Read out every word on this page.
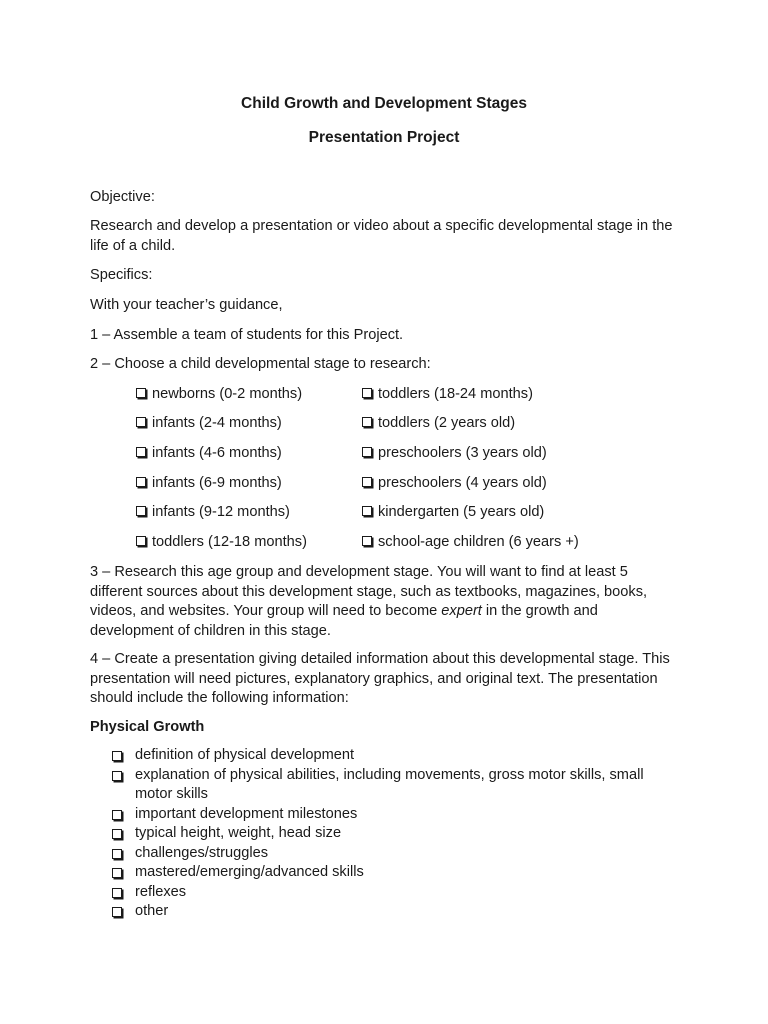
Child Growth and Development Stages
Presentation Project

Objective:

Research and develop a presentation or video about a specific developmental stage in the life of a child.

Specifics:

With your teacher’s guidance,

1 – Assemble a team of students for this Project.

2 – Choose a child developmental stage to research:

newborns (0-2 months)
infants (2-4 months)
infants (4-6 months)
infants (6-9 months)
infants (9-12 months)
toddlers (12-18 months)
toddlers (18-24 months)
toddlers (2 years old)
preschoolers (3 years old)
preschoolers (4 years old)
kindergarten (5 years old)
school-age children (6 years +)

3 – Research this age group and development stage. You will want to find at least 5 different sources about this development stage, such as textbooks, magazines, books, videos, and websites. Your group will need to become expert in the growth and development of children in this stage.

4 – Create a presentation giving detailed information about this developmental stage. This presentation will need pictures, explanatory graphics, and original text. The presentation should include the following information:

Physical Growth

definition of physical development
explanation of physical abilities, including movements, gross motor skills, small motor skills
important development milestones
typical height, weight, head size
challenges/struggles
mastered/emerging/advanced skills
reflexes
other
